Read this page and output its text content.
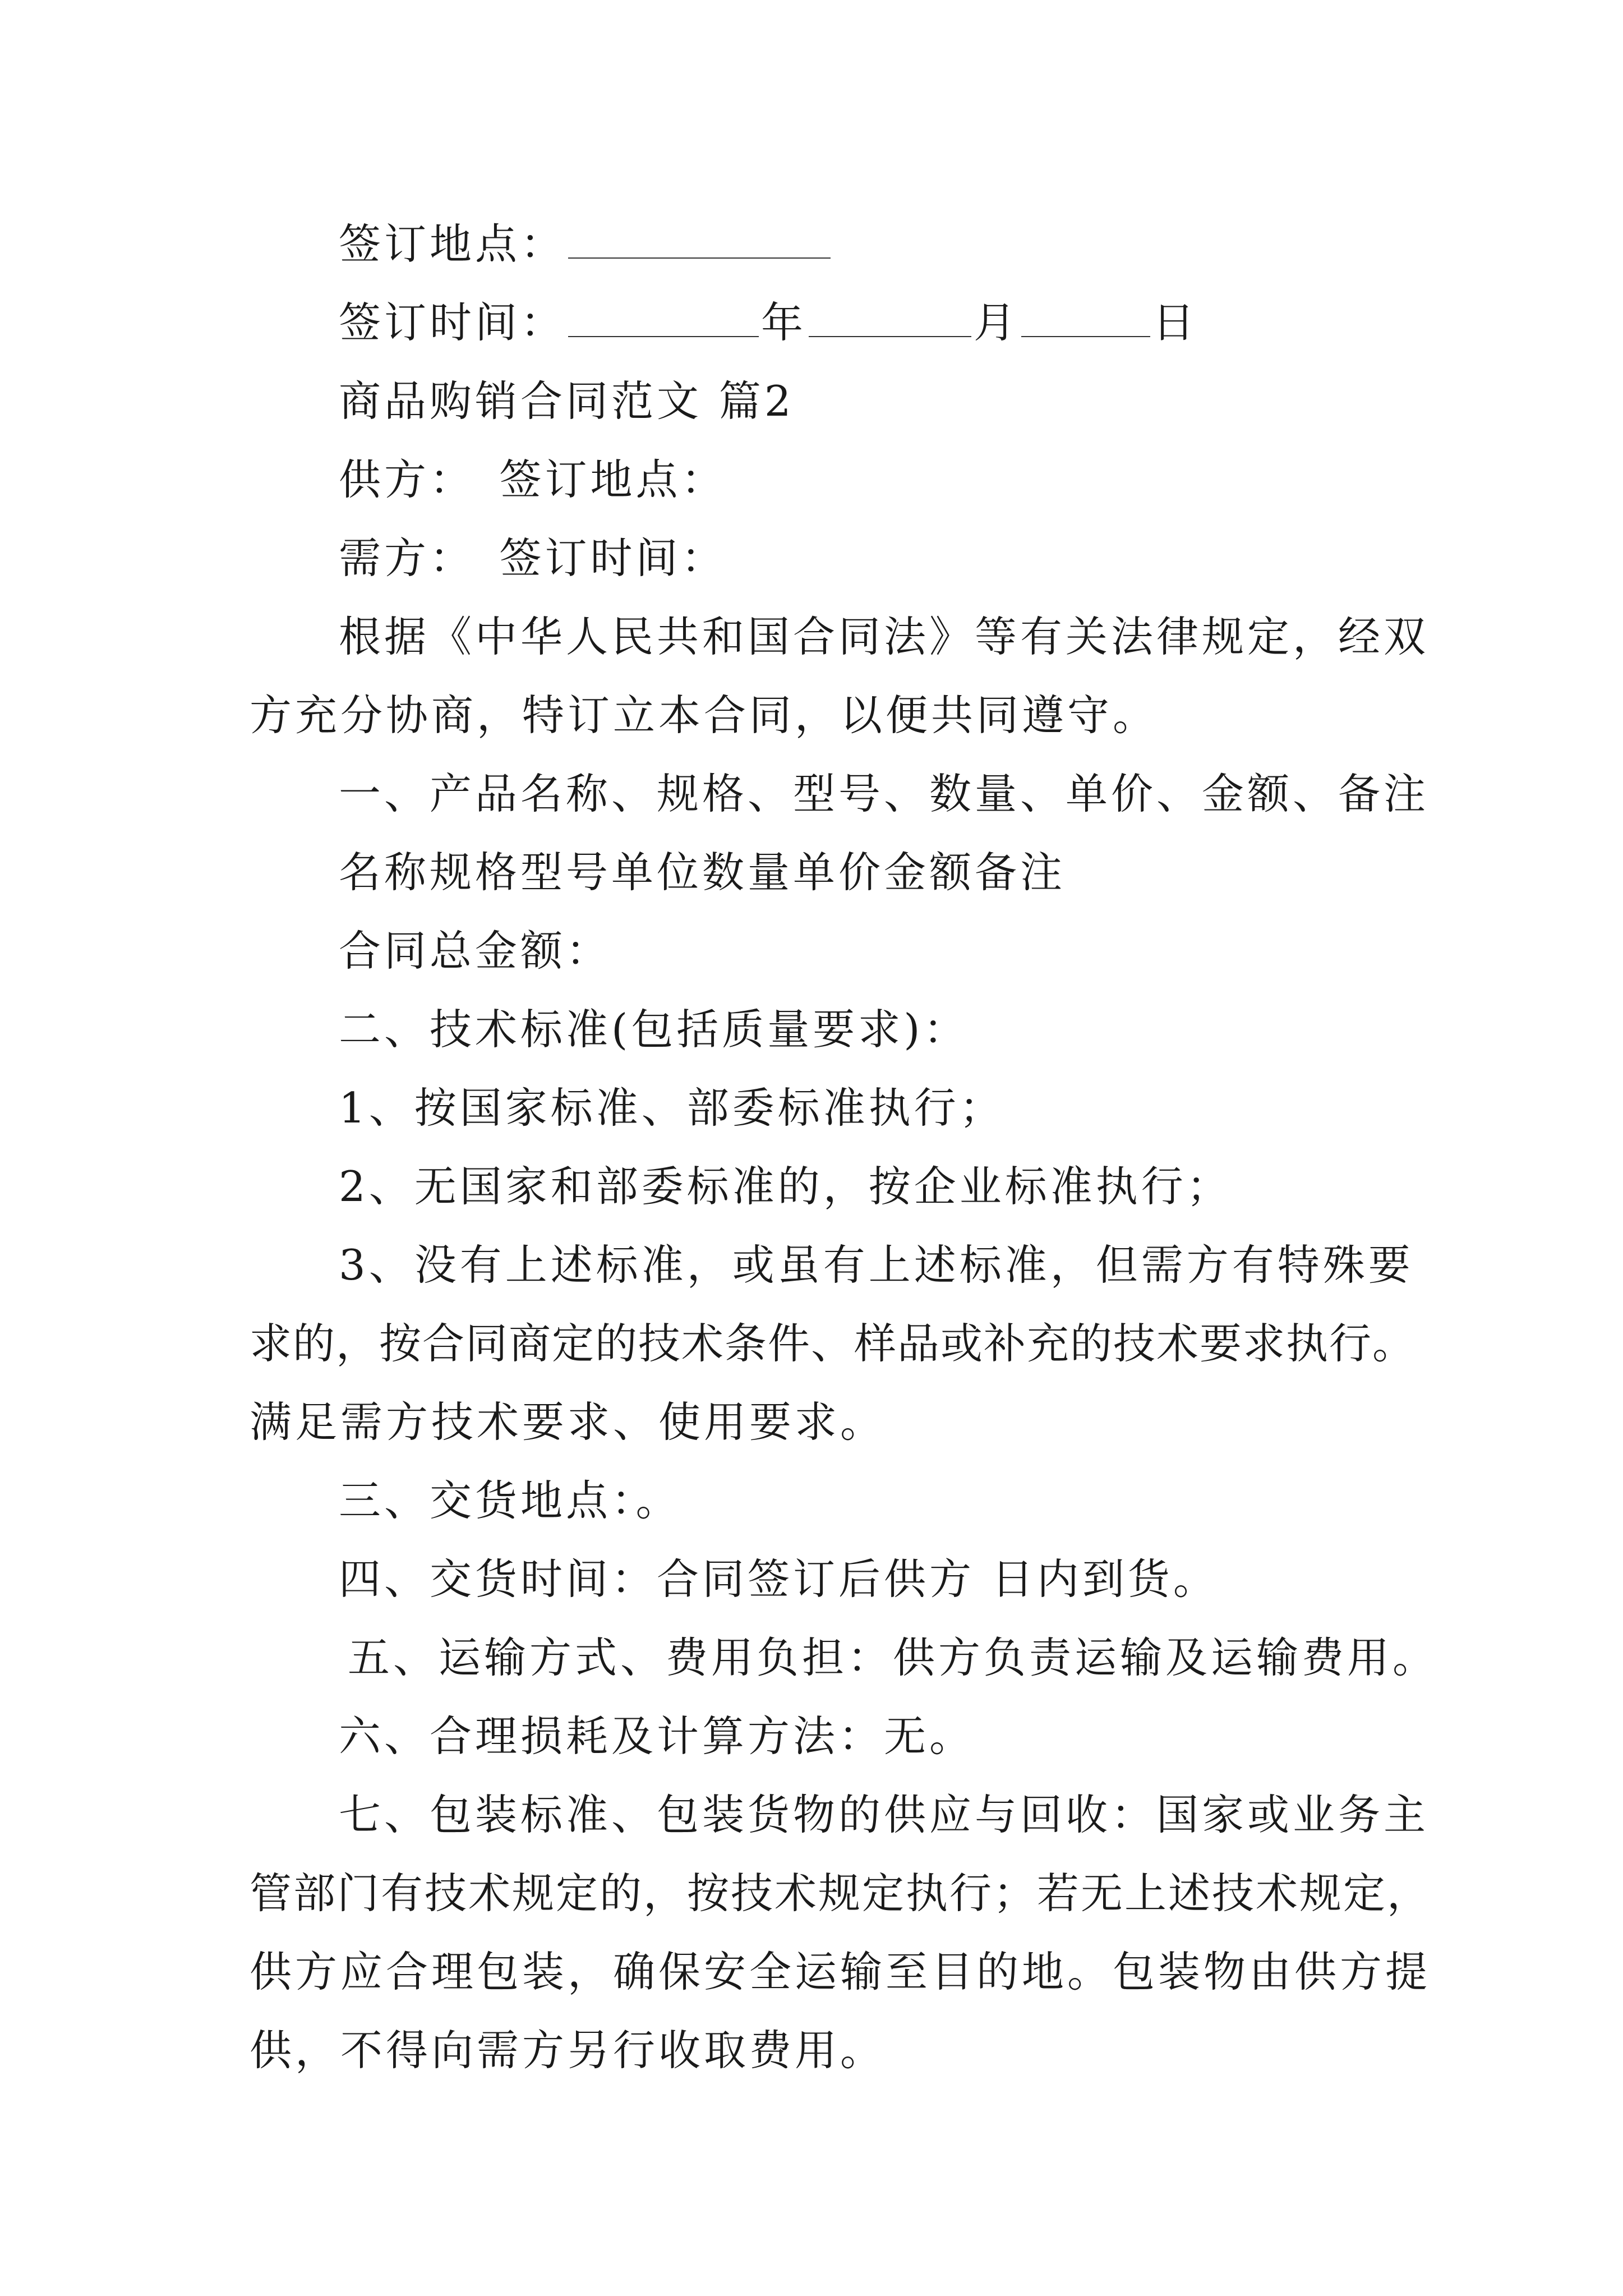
签订地点：
签订时间：	年	月	日
商品购销合同范文 篇2
供方：　签订地点：
需方：　签订时间：
根据《中华人民共和国合同法》等有关法律规定，经双
方充分协商，特订立本合同，以便共同遵守。
一、产品名称、规格、型号、数量、单价、金额、备注
名称规格型号单位数量单价金额备注
合同总金额：
二、技术标准(包括质量要求)：
1、按国家标准、部委标准执行；
2、无国家和部委标准的，按企业标准执行；
3、没有上述标准，或虽有上述标准，但需方有特殊要
求的，按合同商定的技术条件、样品或补充的技术要求执行。
满足需方技术要求、使用要求。
三、交货地点：。
四、交货时间：合同签订后供方 日内到货。
五、运输方式、费用负担：供方负责运输及运输费用。
六、合理损耗及计算方法：无。
七、包装标准、包装货物的供应与回收：国家或业务主
管部门有技术规定的，按技术规定执行；若无上述技术规定，
供方应合理包装，确保安全运输至目的地。包装物由供方提
供，不得向需方另行收取费用。
